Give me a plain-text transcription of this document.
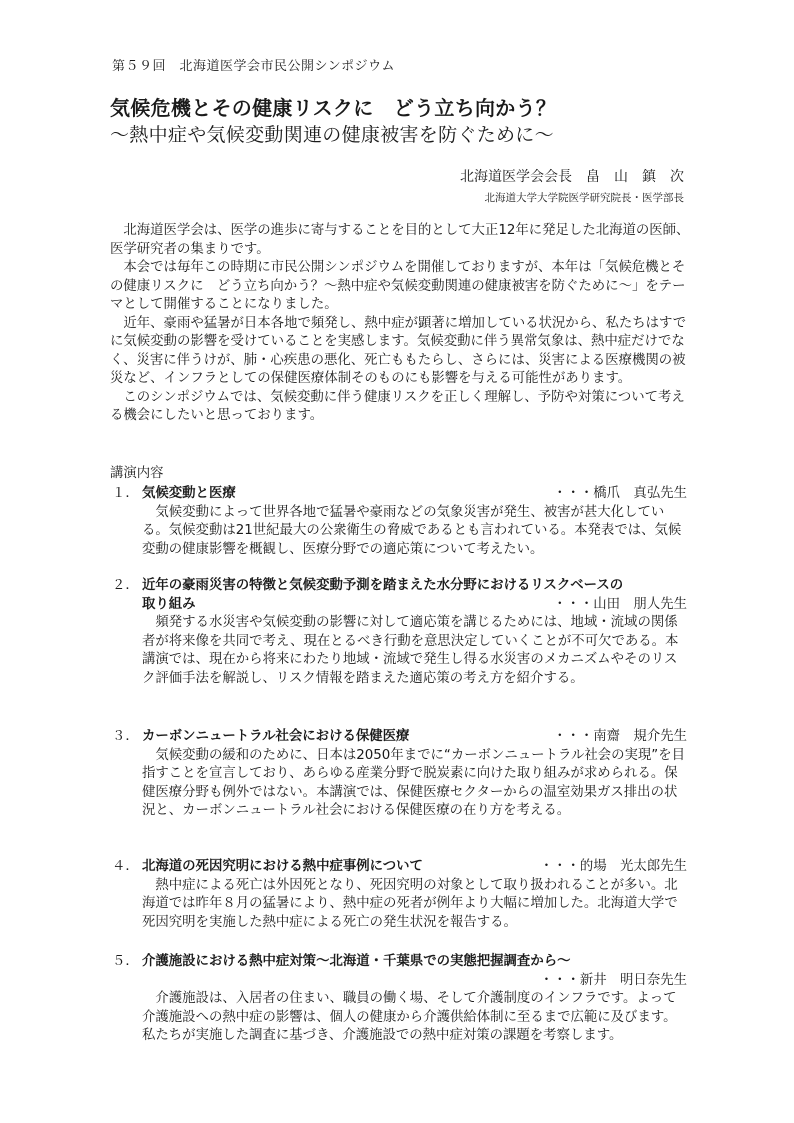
第５９回　北海道医学会市民公開シンポジウム
気候危機とその健康リスクに　どう立ち向かう？
～熱中症や気候変動関連の健康被害を防ぐために～
北海道医学会会長　畠　山　鎮　次
北海道大学大学院医学研究院長・医学部長

北海道医学会は、医学の進歩に寄与することを目的として大正12年に発足した北海道の医師、医学研究者の集まりです。

本会では毎年この時期に市民公開シンポジウムを開催しておりますが、本年は「気候危機とその健康リスクに　どう立ち向かう？～熱中症や気候変動関連の健康被害を防ぐために～」をテーマとして開催することになりました。

近年、豪雨や猛暑が日本各地で頻発し、熱中症が顕著に増加している状況から、私たちはすでに気候変動の影響を受けていることを実感します。気候変動に伴う異常気象は、熱中症だけでなく、災害に伴うけが、肺・心疾患の悪化、死亡ももたらし、さらには、災害による医療機関の被災など、インフラとしての保健医療体制そのものにも影響を与える可能性があります。

このシンポジウムでは、気候変動に伴う健康リスクを正しく理解し、予防や対策について考える機会にしたいと思っております。

講演内容
１． 気候変動と医療	・・・橋爪　真弘先生

気候変動によって世界各地で猛暑や豪雨などの気象災害が発生、被害が甚大化している。気候変動は21世紀最大の公衆衛生の脅威であるとも言われている。本発表では、気候変動の健康影響を概観し、医療分野での適応策について考えたい。

２． 近年の豪雨災害の特徴と気候変動予測を踏まえた水分野におけるリスクベースの
取り組み	・・・山田　朋人先生

頻発する水災害や気候変動の影響に対して適応策を講じるためには、地域・流域の関係者が将来像を共同で考え、現在とるべき行動を意思決定していくことが不可欠である。本講演では、現在から将来にわたり地域・流域で発生し得る水災害のメカニズムやそのリスク評価手法を解説し、リスク情報を踏まえた適応策の考え方を紹介する。

３． カーボンニュートラル社会における保健医療	・・・南齋　規介先生

気候変動の緩和のために、日本は2050年までに“カーボンニュートラル社会の実現”を目指すことを宣言しており、あらゆる産業分野で脱炭素に向けた取り組みが求められる。保健医療分野も例外ではない。本講演では、保健医療セクターからの温室効果ガス排出の状況と、カーボンニュートラル社会における保健医療の在り方を考える。

４． 北海道の死因究明における熱中症事例について	・・・的場　光太郎先生

熱中症による死亡は外因死となり、死因究明の対象として取り扱われることが多い。北海道では昨年８月の猛暑により、熱中症の死者が例年より大幅に増加した。北海道大学で死因究明を実施した熱中症による死亡の発生状況を報告する。

５． 介護施設における熱中症対策～北海道・千葉県での実態把握調査から～
・・・新井　明日奈先生

介護施設は、入居者の住まい、職員の働く場、そして介護制度のインフラです。よって介護施設への熱中症の影響は、個人の健康から介護供給体制に至るまで広範に及びます。私たちが実施した調査に基づき、介護施設での熱中症対策の課題を考察します。
